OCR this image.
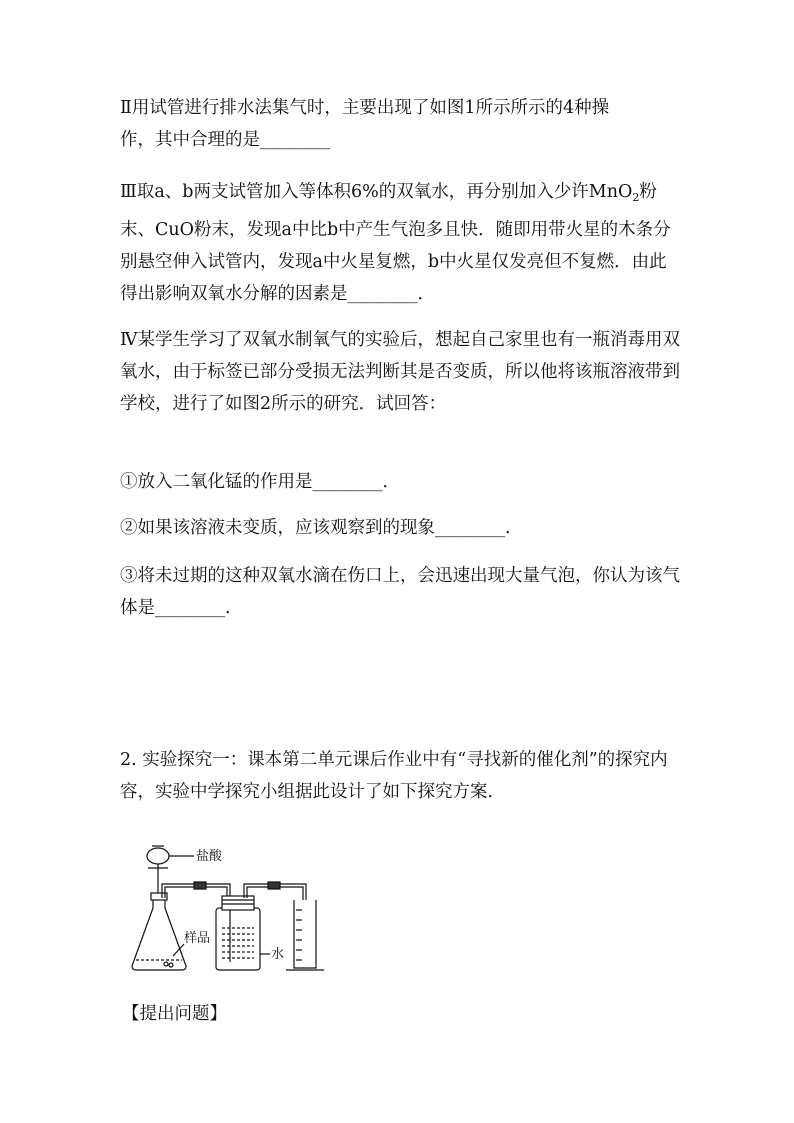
Ⅱ用试管进行排水法集气时，主要出现了如图1所示所示的4种操
作，其中合理的是________

Ⅲ取a、b两支试管加入等体积6%的双氧水，再分别加入少许MnO$_2$粉末、CuO粉末，发现a中比b中产生气泡多且快．随即用带火星的木条分别悬空伸入试管内，发现a中火星复燃，b中火星仅发亮但不复燃．由此得出影响双氧水分解的因素是________．

Ⅳ某学生学习了双氧水制氧气的实验后，想起自己家里也有一瓶消毒用双氧水，由于标签已部分受损无法判断其是否变质，所以他将该瓶溶液带到学校，进行了如图2所示的研究．试回答：

①放入二氧化锰的作用是________．

②如果该溶液未变质，应该观察到的现象________．

③将未过期的这种双氧水滴在伤口上，会迅速出现大量气泡，你认为该气体是________．

2. 实验探究一：课本第二单元课后作业中有“寻找新的催化剂”的探究内容，实验中学探究小组据此设计了如下探究方案．

盐酸
样品
水

【提出问题】
